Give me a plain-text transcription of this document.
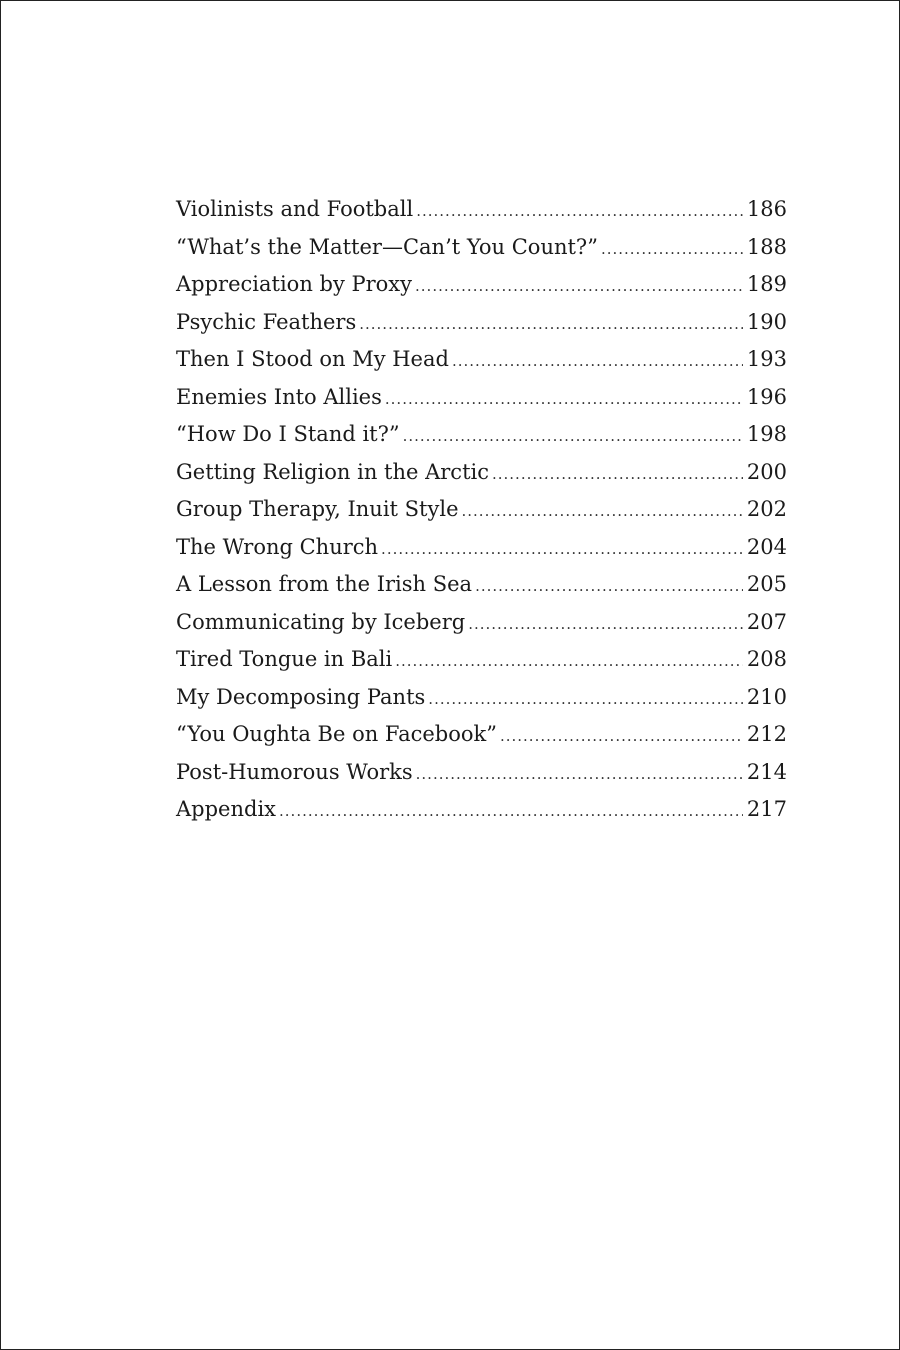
Violinists and Football .....	186
“What’s the Matter—Can’t You Count?” .....	188
Appreciation by Proxy .....	189
Psychic Feathers .....	190
Then I Stood on My Head .....	193
Enemies Into Allies .....	196
“How Do I Stand it?” .....	198
Getting Religion in the Arctic .....	200
Group Therapy, Inuit Style .....	202
The Wrong Church .....	204
A Lesson from the Irish Sea .....	205
Communicating by Iceberg .....	207
Tired Tongue in Bali .....	208
My Decomposing Pants .....	210
“You Oughta Be on Facebook” .....	212
Post-Humorous Works .....	214
Appendix .....	217
